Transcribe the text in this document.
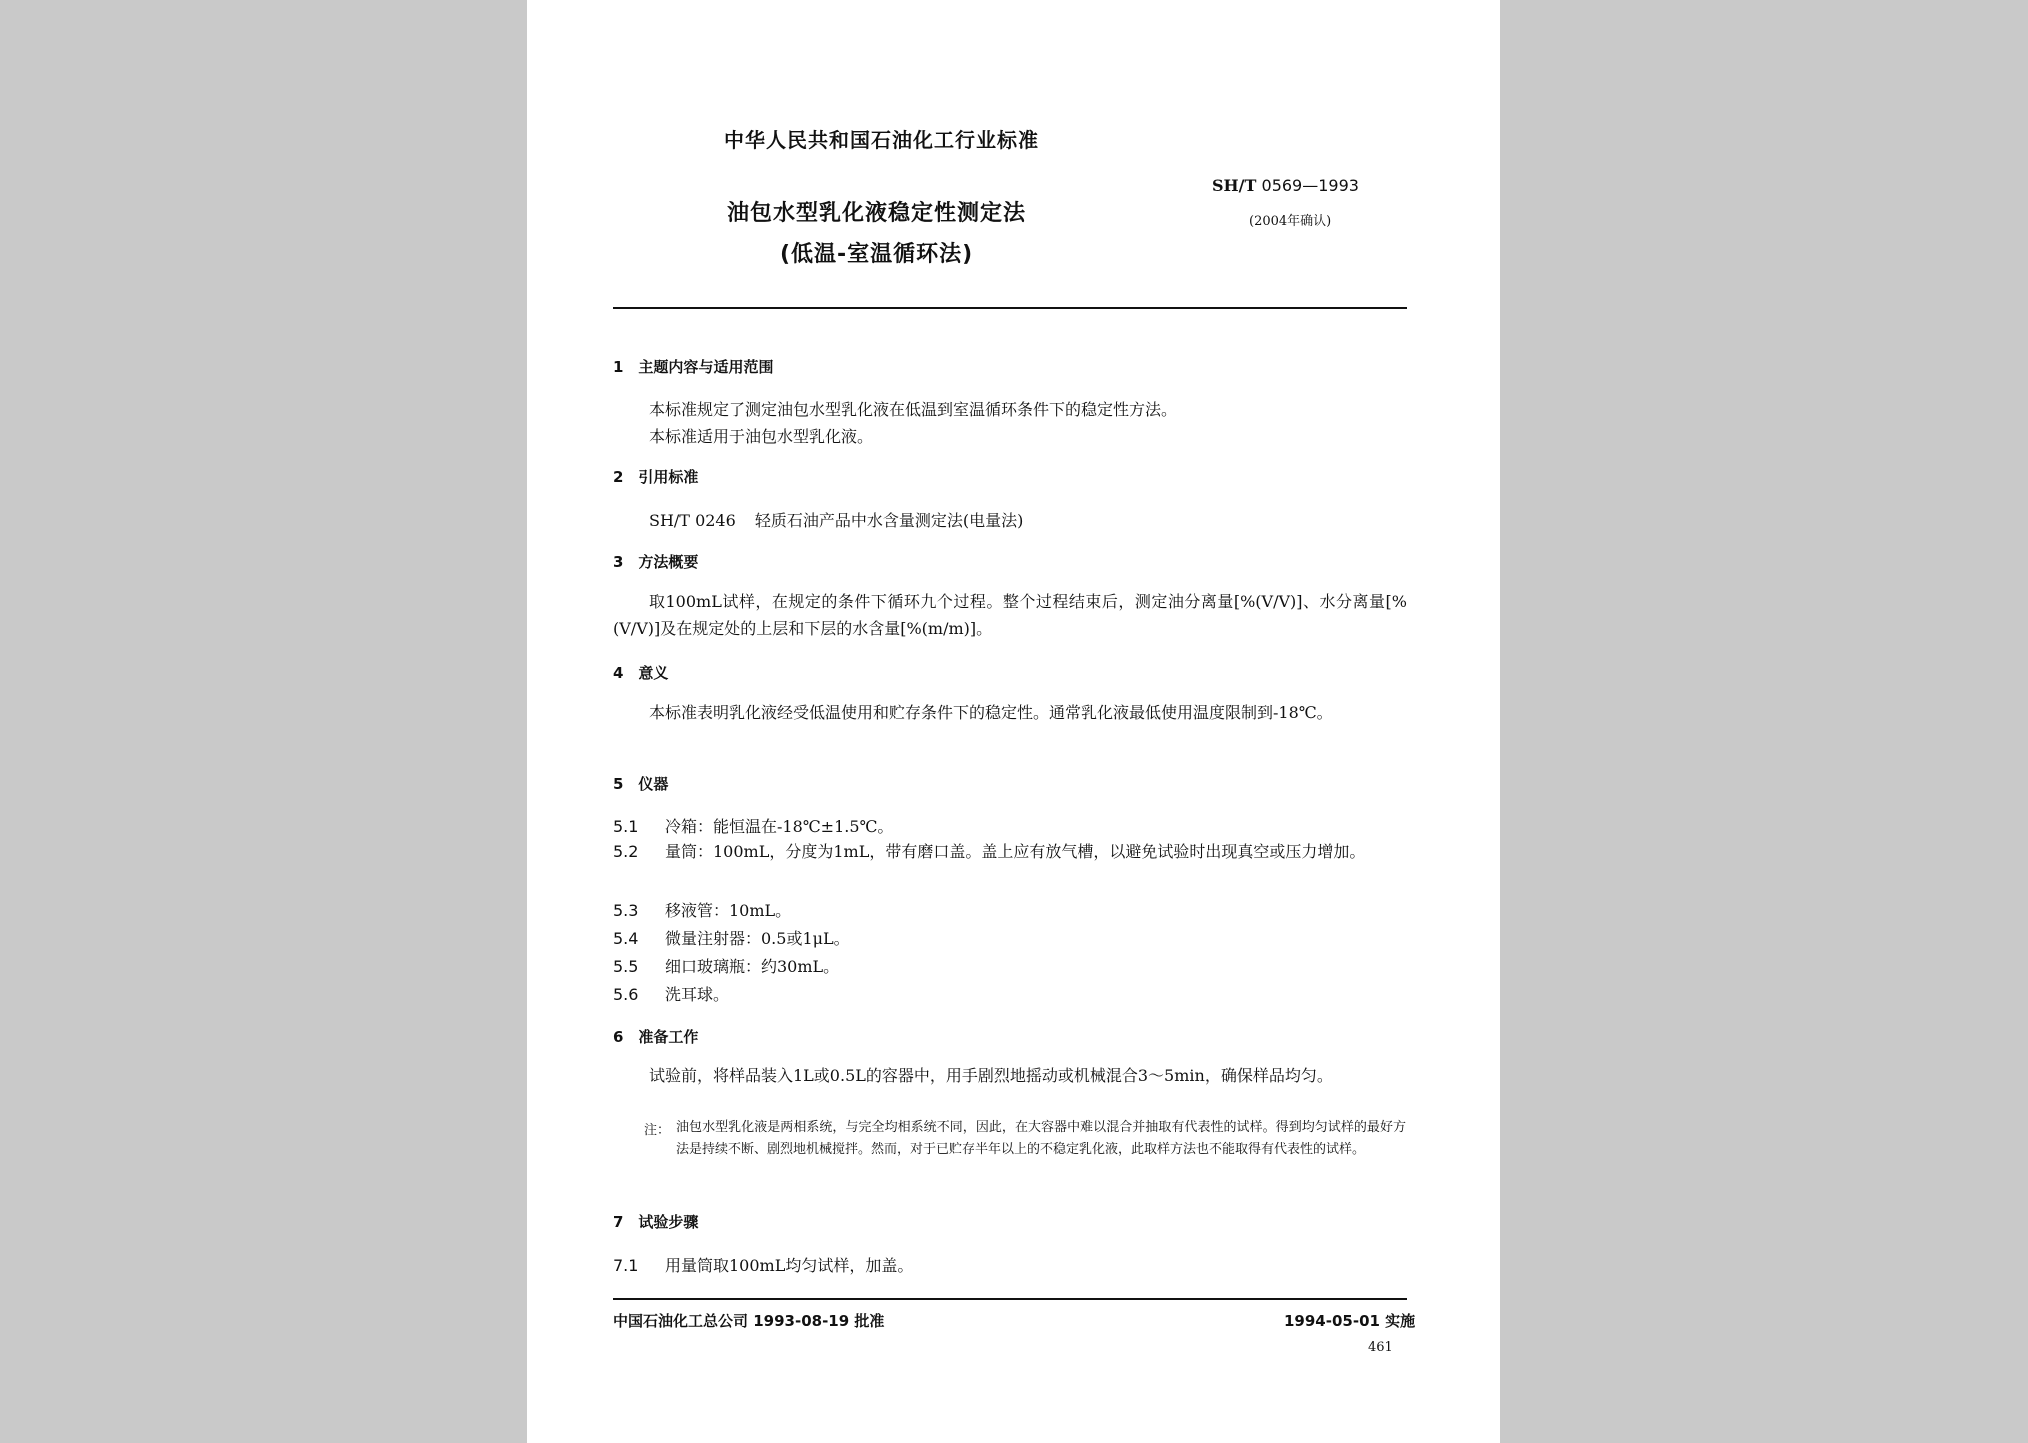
中华人民共和国石油化工行业标准
SH/T 0569—1993
(2004年确认)
油包水型乳化液稳定性测定法
(低温-室温循环法)
1　主题内容与适用范围
本标准规定了测定油包水型乳化液在低温到室温循环条件下的稳定性方法。
本标准适用于油包水型乳化液。
2　引用标准
SH/T 0246 轻质石油产品中水含量测定法(电量法)
3　方法概要
取100mL试样，在规定的条件下循环九个过程。整个过程结束后，测定油分离量[%(V/V)]、水分离量[%(V/V)]及在规定处的上层和下层的水含量[%(m/m)]。
4　意义
本标准表明乳化液经受低温使用和贮存条件下的稳定性。通常乳化液最低使用温度限制到-18℃。
5　仪器
5.1 冷箱：能恒温在-18℃±1.5℃。
5.2 量筒：100mL，分度为1mL，带有磨口盖。盖上应有放气槽，以避免试验时出现真空或压力增加。
5.3 移液管：10mL。
5.4 微量注射器：0.5或1μL。
5.5 细口玻璃瓶：约30mL。
5.6 洗耳球。
6　准备工作
试验前，将样品装入1L或0.5L的容器中，用手剧烈地摇动或机械混合3～5min，确保样品均匀。
注： 油包水型乳化液是两相系统，与完全均相系统不同，因此，在大容器中难以混合并抽取有代表性的试样。得到均匀试样的最好方法是持续不断、剧烈地机械搅拌。然而，对于已贮存半年以上的不稳定乳化液，此取样方法也不能取得有代表性的试样。
7　试验步骤
7.1 用量筒取100mL均匀试样，加盖。
中国石油化工总公司 1993-08-19 批准	1994-05-01 实施
461
